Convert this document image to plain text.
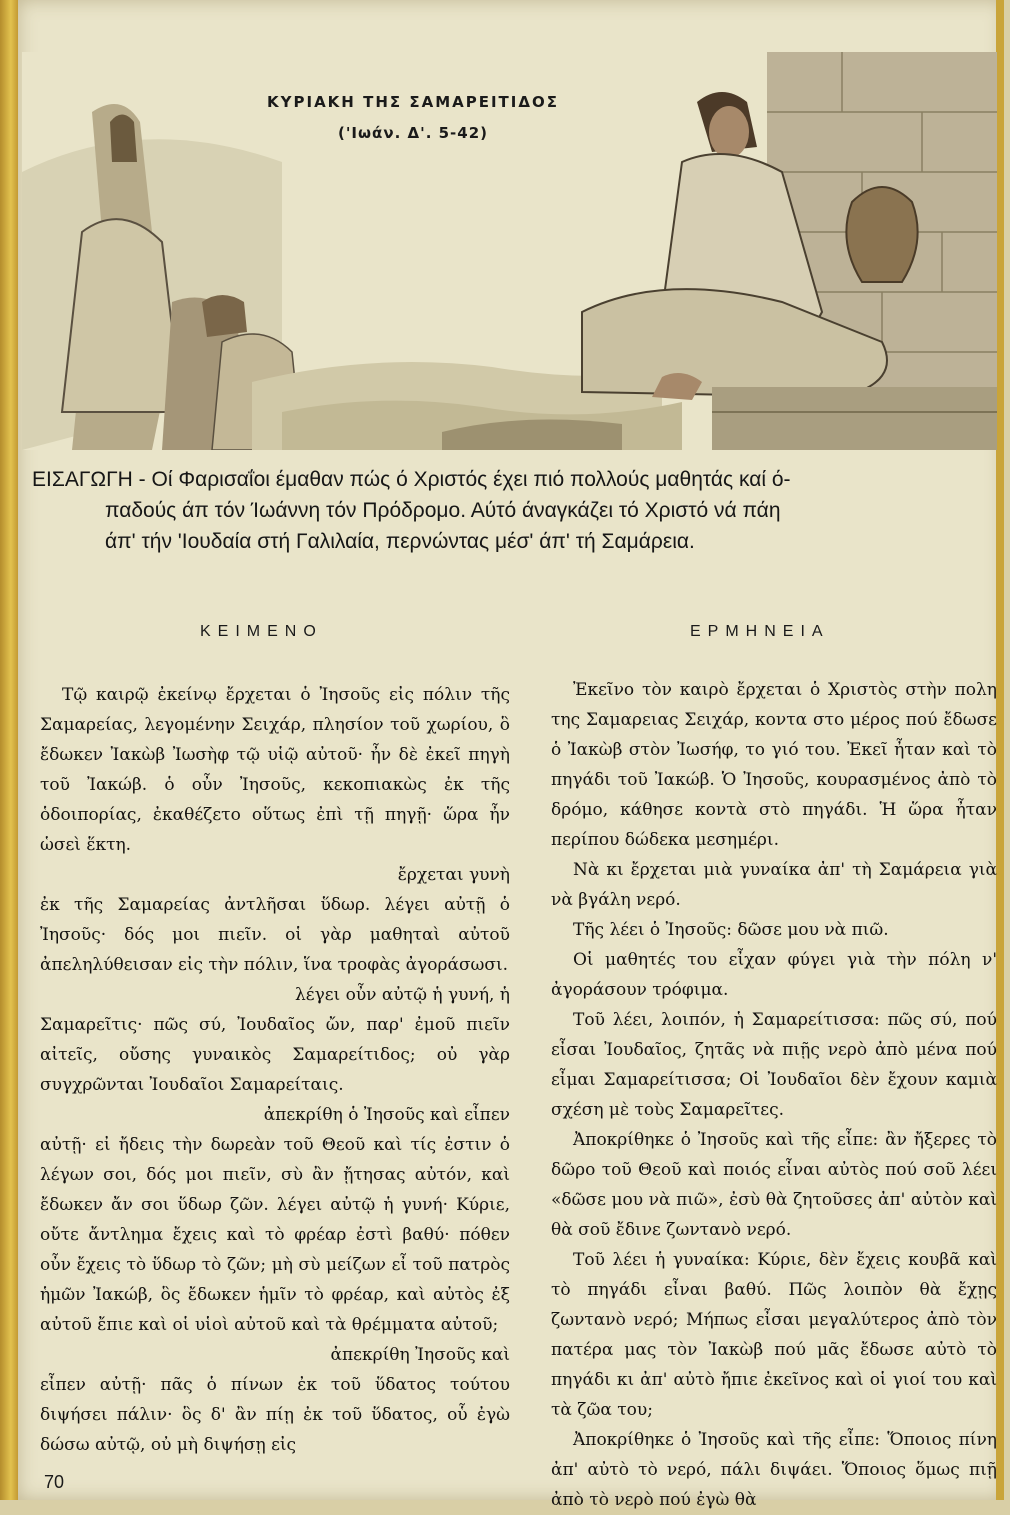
ΚΥΡΙΑΚΗ ΤΗΣ ΣΑΜΑΡΕΙΤΙΔΟΣ
('Ιωάν. Δ'. 5-42)
ΕΙΣΑΓΩΓΗ - Οί Φαρισαΐοι έμαθαν πώς ό Χριστός έχει πιό πολλούς μαθητάς καί ό-
παδούς άπ τόν Ίωάννη τόν Πρόδρομο. Αύτό άναγκάζει τό Χριστό νά πάη
άπ' τήν 'Ιουδαία στή Γαλιλαία, περνώντας μέσ' άπ' τή Σαμάρεια.
ΚΕΙΜΕΝΟ	ΕΡΜΗΝΕΙΑ

Τῷ καιρῷ ἐκείνῳ ἔρχεται ὁ Ἰησοῦς εἰς πόλιν τῆς Σαμαρείας, λεγομένην Σειχάρ, πλησίον τοῦ χωρίου, ὃ ἔδωκεν Ἰακὼβ Ἰωσὴφ τῷ υἱῷ αὐτοῦ· ἦν δὲ ἐκεῖ πηγὴ τοῦ Ἰακώβ. ὁ οὖν Ἰησοῦς, κεκοπιακὼς ἐκ τῆς ὁδοιπορίας, ἐκαθέζετο οὕτως ἐπὶ τῇ πηγῇ· ὥρα ἦν ὡσεὶ ἕκτη.

ἔρχεται γυνὴ

ἐκ τῆς Σαμαρείας ἀντλῆσαι ὕδωρ. λέγει αὐτῇ ὁ Ἰησοῦς· δός μοι πιεῖν. οἱ γὰρ μαθηταὶ αὐτοῦ ἀπεληλύθεισαν εἰς τὴν πόλιν, ἵνα τροφὰς ἀγοράσωσι.

λέγει οὖν αὐτῷ ἡ γυνή, ἡ

Σαμαρεῖτις· πῶς σύ, Ἰουδαῖος ὤν, παρ' ἐμοῦ πιεῖν αἰτεῖς, οὔσης γυναικὸς Σαμαρείτιδος; οὐ γὰρ συγχρῶνται Ἰουδαῖοι Σαμαρείταις.

ἀπεκρίθη ὁ Ἰησοῦς καὶ εἶπεν

αὐτῇ· εἰ ἤδεις τὴν δωρεὰν τοῦ Θεοῦ καὶ τίς ἐστιν ὁ λέγων σοι, δός μοι πιεῖν, σὺ ἂν ᾔτησας αὐτόν, καὶ ἔδωκεν ἄν σοι ὕδωρ ζῶν. λέγει αὐτῷ ἡ γυνή· Κύριε, οὔτε ἄντλημα ἔχεις καὶ τὸ φρέαρ ἐστὶ βαθύ· πόθεν οὖν ἔχεις τὸ ὕδωρ τὸ ζῶν; μὴ σὺ μείζων εἶ τοῦ πατρὸς ἡμῶν Ἰακώβ, ὃς ἔδωκεν ἡμῖν τὸ φρέαρ, καὶ αὐτὸς ἐξ αὐτοῦ ἔπιε καὶ οἱ υἱοὶ αὐτοῦ καὶ τὰ θρέμματα αὐτοῦ;

ἀπεκρίθη Ἰησοῦς καὶ

εἶπεν αὐτῇ· πᾶς ὁ πίνων ἐκ τοῦ ὕδατος τούτου διψήσει πάλιν· ὃς δ' ἂν πίῃ ἐκ τοῦ ὕδατος, οὗ ἐγὼ δώσω αὐτῷ, οὐ μὴ διψήσῃ εἰς

Ἐκεῖνο τὸν καιρὸ ἔρχεται ὁ Χριστὸς στὴν πολη της Σαμαρειας Σειχάρ, κοντα στο μέρος πού ἔδωσε ὁ Ἰακὼβ στὸν Ἰωσήφ, το γιό του. Ἐκεῖ ἦταν καὶ τὸ πηγάδι τοῦ Ἰακώβ. Ὁ Ἰησοῦς, κουρασμένος ἀπὸ τὸ δρόμο, κάθησε κοντὰ στὸ πηγάδι. Ἡ ὥρα ἦταν περίπου δώδεκα μεσημέρι.

Νὰ κι ἔρχεται μιὰ γυναίκα ἀπ' τὴ Σαμάρεια γιὰ νὰ βγάλη νερό.

Τῆς λέει ὁ Ἰησοῦς: δῶσε μου νὰ πιῶ.

Οἱ μαθητές του εἶχαν φύγει γιὰ τὴν πόλη ν' ἀγοράσουν τρόφιμα.

Τοῦ λέει, λοιπόν, ἡ Σαμαρείτισσα: πῶς σύ, πού εἶσαι Ἰουδαῖος, ζητᾶς νὰ πιῇς νερὸ ἀπὸ μένα πού εἶμαι Σαμαρείτισσα; Οἱ Ἰουδαῖοι δὲν ἔχουν καμιὰ σχέση μὲ τοὺς Σαμαρεῖτες.

Ἀποκρίθηκε ὁ Ἰησοῦς καὶ τῆς εἶπε: ἂν ἤξερες τὸ δῶρο τοῦ Θεοῦ καὶ ποιός εἶναι αὐτὸς πού σοῦ λέει «δῶσε μου νὰ πιῶ», ἐσὺ θὰ ζητοῦσες ἀπ' αὐτὸν καὶ θὰ σοῦ ἔδινε ζωντανὸ νερό.

Τοῦ λέει ἡ γυναίκα: Κύριε, δὲν ἔχεις κουβᾶ καὶ τὸ πηγάδι εἶναι βαθύ. Πῶς λοιπὸν θὰ ἔχῃς ζωντανὸ νερό; Μήπως εἶσαι μεγαλύτερος ἀπὸ τὸν πατέρα μας τὸν Ἰακὼβ πού μᾶς ἔδωσε αὐτὸ τὸ πηγάδι κι ἀπ' αὐτὸ ἤπιε ἐκεῖνος καὶ οἱ γιοί του καὶ τὰ ζῶα του;

Ἀποκρίθηκε ὁ Ἰησοῦς καὶ τῆς εἶπε: Ὅποιος πίνη ἀπ' αὐτὸ τὸ νερό, πάλι διψάει. Ὅποιος ὅμως πιῇ ἀπὸ τὸ νερὸ πού ἐγὼ θὰ

70
